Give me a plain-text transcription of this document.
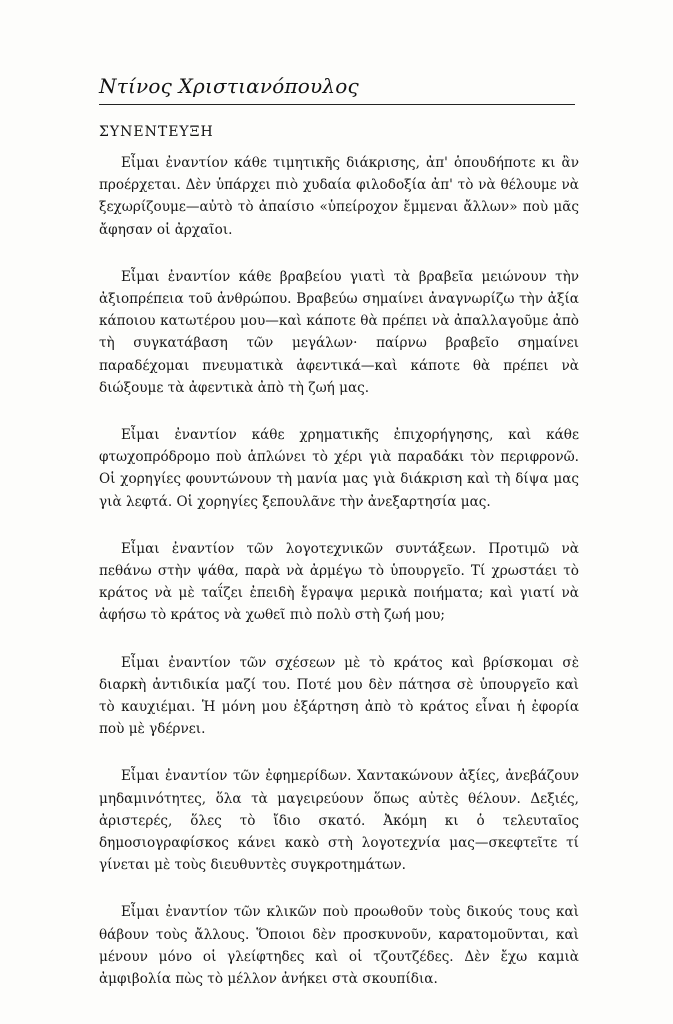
Ντίνος Χριστιανόπουλος
ΣΥΝΕΝΤΕΥΞΗ

Εἶμαι ἐναντίον κάθε τιμητικῆς διάκρισης, ἀπ' ὁπουδήποτε κι ἂν προέρχεται. Δὲν ὑπάρχει πιὸ χυδαία φιλοδοξία ἀπ' τὸ νὰ θέλουμε νὰ ξεχωρίζουμε—αὐτὸ τὸ ἀπαίσιο «ὑπείροχον ἔμμεναι ἄλλων» ποὺ μᾶς ἄφησαν οἱ ἀρχαῖοι.

Εἶμαι ἐναντίον κάθε βραβείου γιατὶ τὰ βραβεῖα μειώνουν τὴν ἀξιοπρέπεια τοῦ ἀνθρώπου. Βραβεύω σημαίνει ἀναγνωρίζω τὴν ἀξία κάποιου κατωτέρου μου—καὶ κάποτε θὰ πρέπει νὰ ἀπαλλαγοῦμε ἀπὸ τὴ συγκατάβαση τῶν μεγάλων· παίρνω βραβεῖο σημαίνει παραδέχομαι πνευματικὰ ἀφεντικά—καὶ κάποτε θὰ πρέπει νὰ διώξουμε τὰ ἀφεντικὰ ἀπὸ τὴ ζωή μας.

Εἶμαι ἐναντίον κάθε χρηματικῆς ἐπιχορήγησης, καὶ κάθε φτωχοπρόδρομο ποὺ ἁπλώνει τὸ χέρι γιὰ παραδάκι τὸν περιφρονῶ. Οἱ χορηγίες φουντώνουν τὴ μανία μας γιὰ διάκριση καὶ τὴ δίψα μας γιὰ λεφτά. Οἱ χορηγίες ξεπουλᾶνε τὴν ἀνεξαρτησία μας.

Εἶμαι ἐναντίον τῶν λογοτεχνικῶν συντάξεων. Προτιμῶ νὰ πεθάνω στὴν ψάθα, παρὰ νὰ ἀρμέγω τὸ ὑπουργεῖο. Τί χρωστάει τὸ κράτος νὰ μὲ ταΐζει ἐπειδὴ ἔγραψα μερικὰ ποιήματα; καὶ γιατί νὰ ἀφήσω τὸ κράτος νὰ χωθεῖ πιὸ πολὺ στὴ ζωή μου;

Εἶμαι ἐναντίον τῶν σχέσεων μὲ τὸ κράτος καὶ βρίσκομαι σὲ διαρκὴ ἀντιδικία μαζί του. Ποτέ μου δὲν πάτησα σὲ ὑπουργεῖο καὶ τὸ καυχιέμαι. Ἡ μόνη μου ἐξάρτηση ἀπὸ τὸ κράτος εἶναι ἡ ἐφορία ποὺ μὲ γδέρνει.

Εἶμαι ἐναντίον τῶν ἐφημερίδων. Χαντακώνουν ἀξίες, ἀνεβάζουν μηδαμινότητες, ὅλα τὰ μαγειρεύουν ὅπως αὐτὲς θέλουν. Δεξιές, ἀριστερές, ὅλες τὸ ἴδιο σκατό. Ἀκόμη κι ὁ τελευταῖος δημοσιογραφίσκος κάνει κακὸ στὴ λογοτεχνία μας—σκεφτεῖτε τί γίνεται μὲ τοὺς διευθυντὲς συγκροτημάτων.

Εἶμαι ἐναντίον τῶν κλικῶν ποὺ προωθοῦν τοὺς δικούς τους καὶ θάβουν τοὺς ἄλλους. Ὅποιοι δὲν προσκυνοῦν, καρατομοῦνται, καὶ μένουν μόνο οἱ γλείφτηδες καὶ οἱ τζουτζέδες. Δὲν ἔχω καμιὰ ἀμφιβολία πὼς τὸ μέλλον ἀνήκει στὰ σκουπίδια.
